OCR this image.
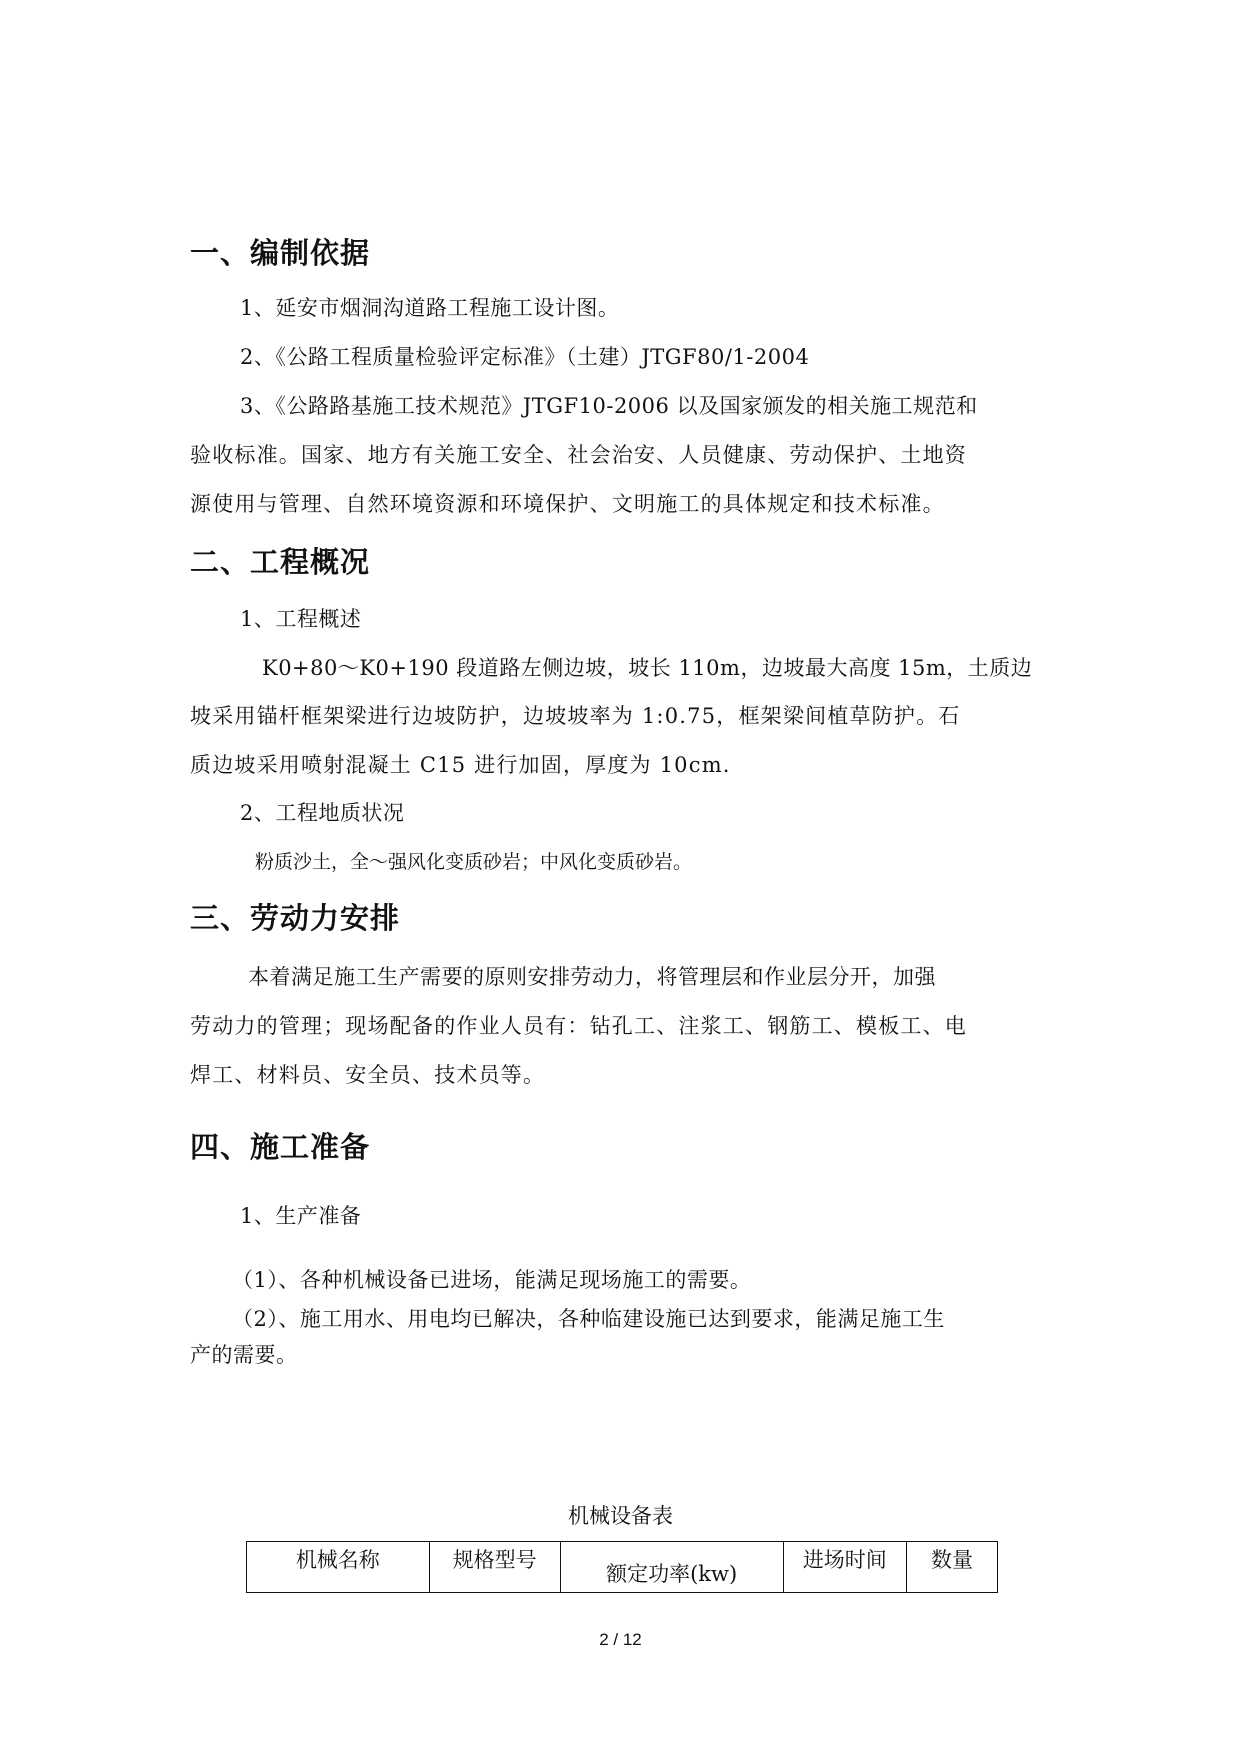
一、编制依据
1、延安市烟洞沟道路工程施工设计图。
2、《公路工程质量检验评定标准》（土建）JTGF80/1-2004
3、《公路路基施工技术规范》JTGF10-2006 以及国家颁发的相关施工规范和
验收标准。国家、地方有关施工安全、社会治安、人员健康、劳动保护、土地资
源使用与管理、自然环境资源和环境保护、文明施工的具体规定和技术标准。
二、工程概况
1、工程概述
K0+80～K0+190 段道路左侧边坡，坡长 110m，边坡最大高度 15m，土质边
坡采用锚杆框架梁进行边坡防护，边坡坡率为 1:0.75，框架梁间植草防护。石
质边坡采用喷射混凝土 C15 进行加固，厚度为 10cm.
2、工程地质状况
粉质沙土，全～强风化变质砂岩；中风化变质砂岩。
三、劳动力安排
本着满足施工生产需要的原则安排劳动力，将管理层和作业层分开，加强
劳动力的管理；现场配备的作业人员有：钻孔工、注浆工、钢筋工、模板工、电
焊工、材料员、安全员、技术员等。
四、施工准备
1、生产准备
（1）、各种机械设备已进场，能满足现场施工的需要。
（2）、施工用水、用电均已解决，各种临建设施已达到要求，能满足施工生
产的需要。
机械设备表
机械名称	规格型号	额定功率(kw)	进场时间	数量
2 / 12
